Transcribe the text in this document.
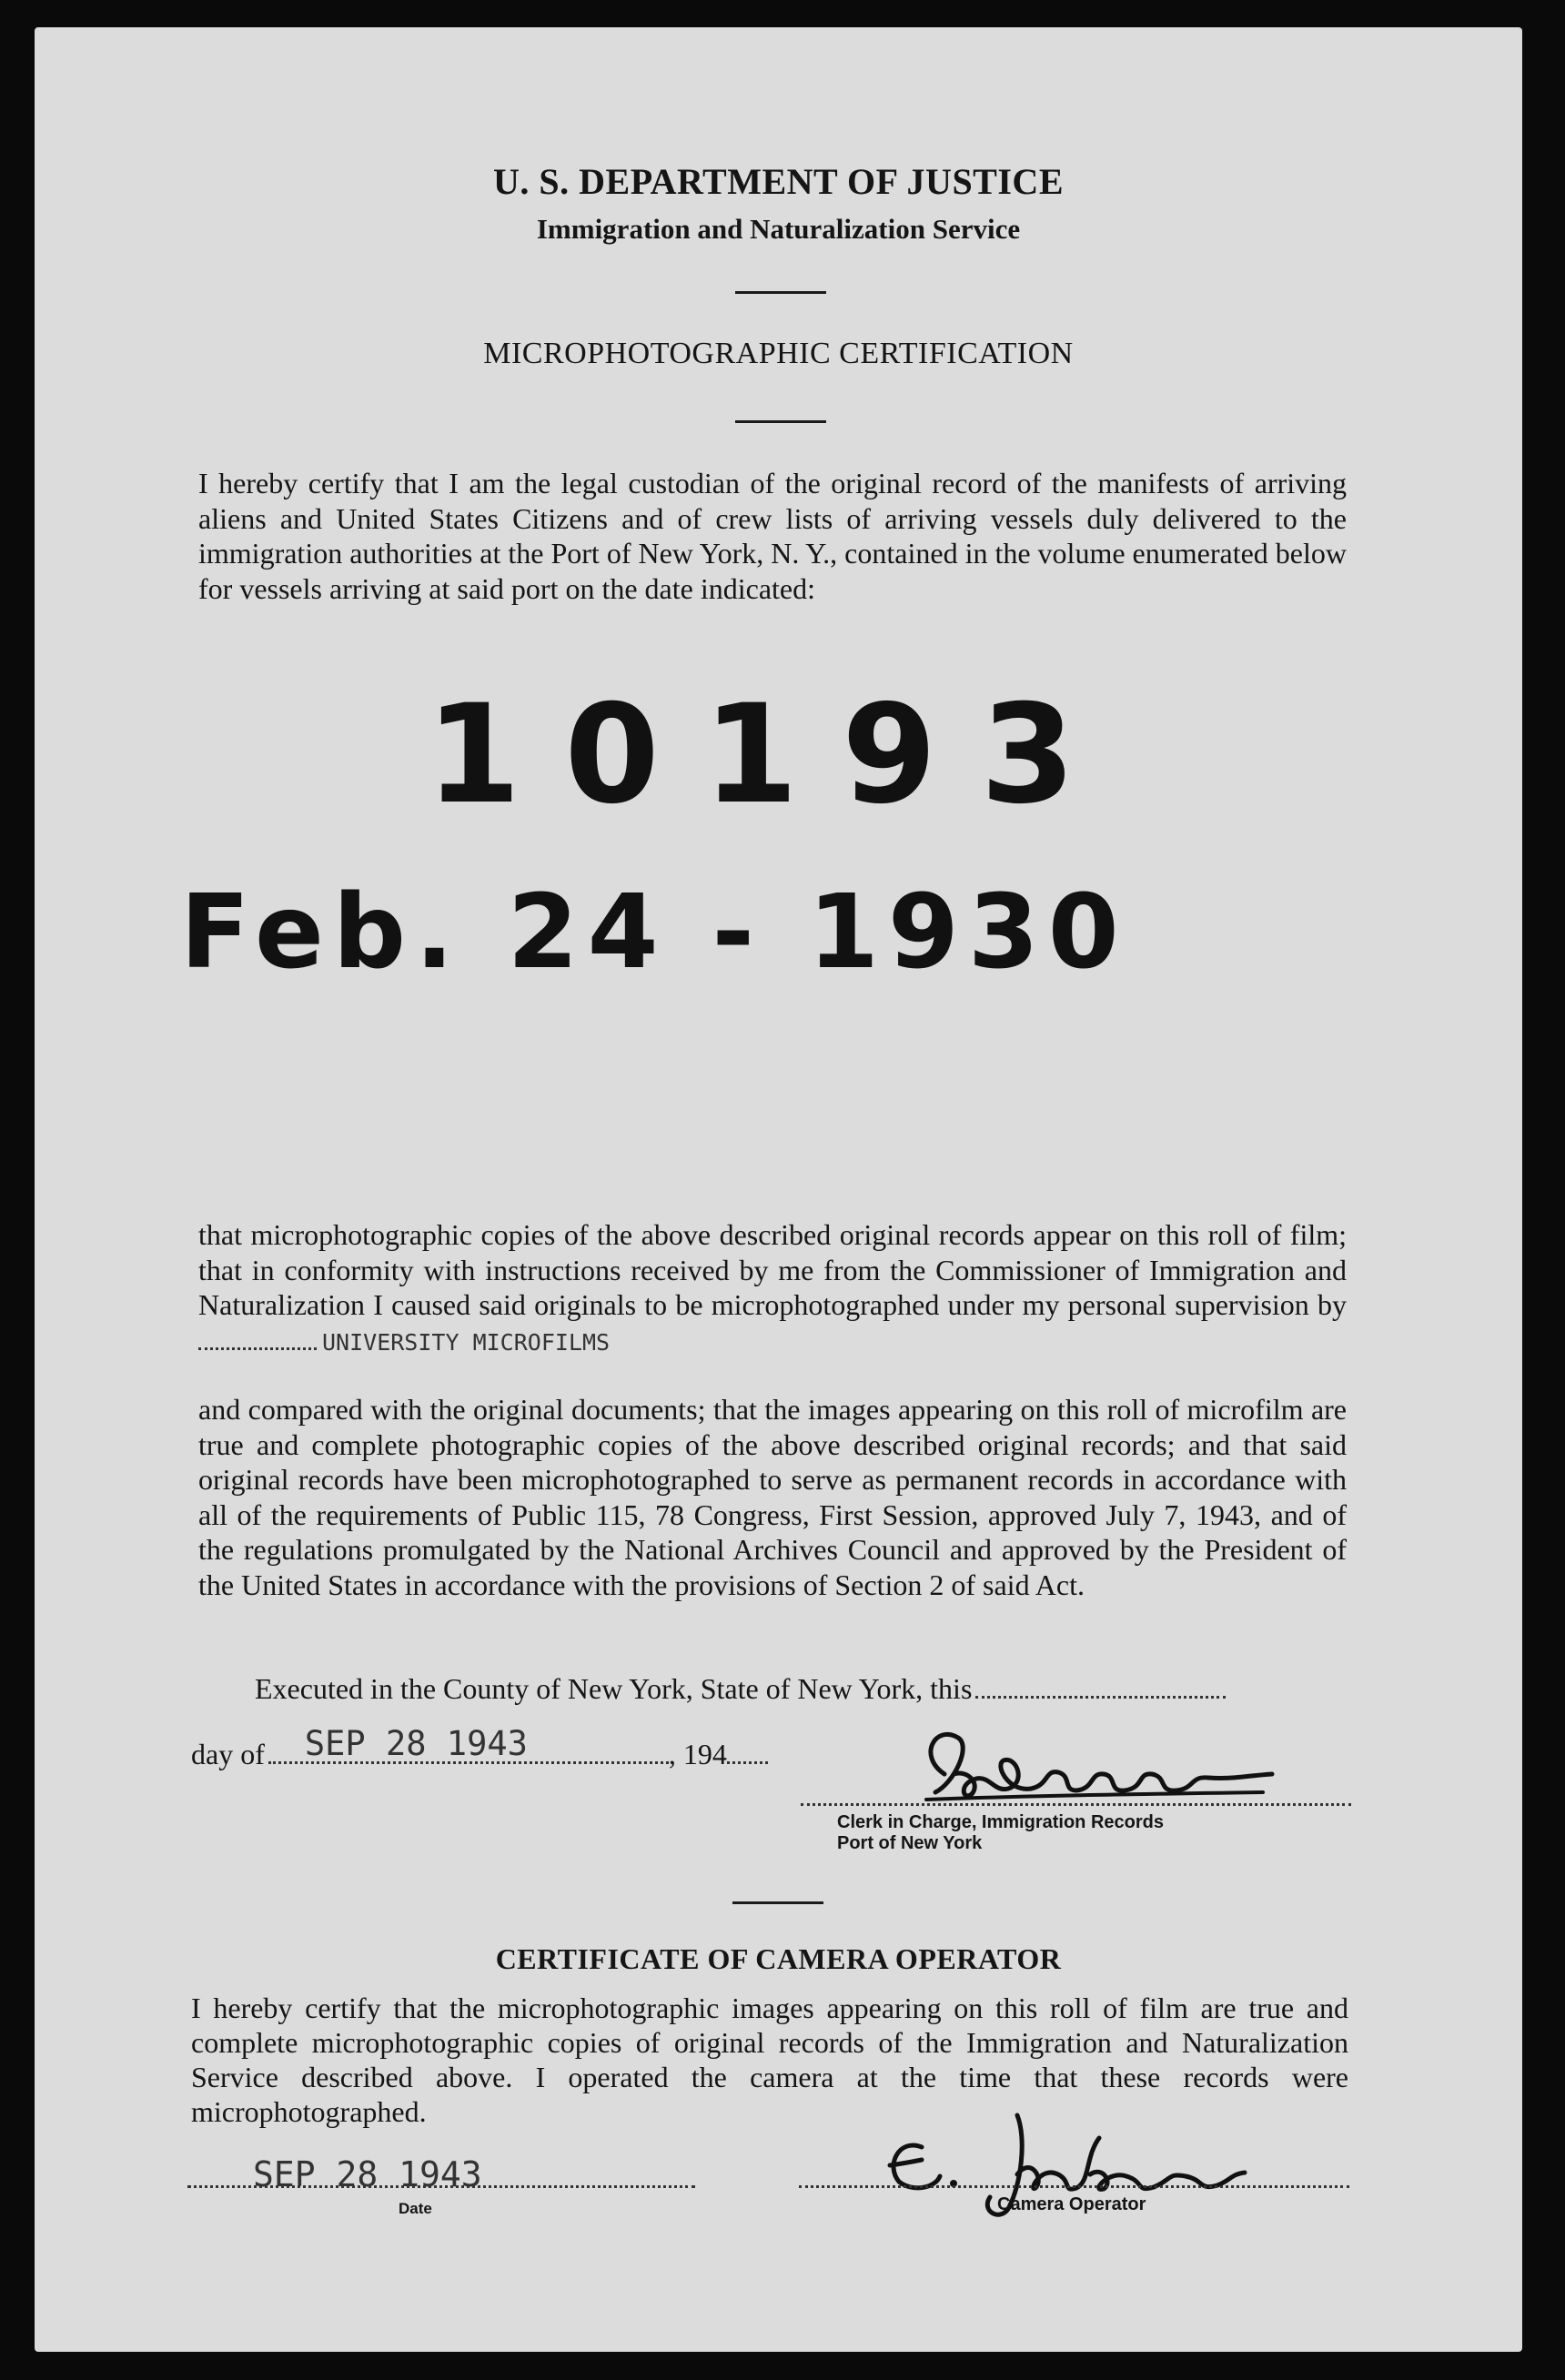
U. S. DEPARTMENT OF JUSTICE
Immigration and Naturalization Service
MICROPHOTOGRAPHIC CERTIFICATION
I hereby certify that I am the legal custodian of the original record of the manifests of arriving aliens and United States Citizens and of crew lists of arriving vessels duly delivered to the immigration authorities at the Port of New York, N. Y., contained in the volume enumerated below for vessels arriving at said port on the date indicated:
10193
Feb. 24 - 1930
that microphotographic copies of the above described original records appear on this roll of film; that in conformity with instructions received by me from the Commissioner of Immigration and Naturalization I caused said originals to be microphotographed under my personal supervision byUNIVERSITY MICROFILMS
and compared with the original documents; that the images appearing on this roll of microfilm are true and complete photographic copies of the above described original records; and that said original records have been microphotographed to serve as permanent records in accordance with all of the requirements of Public 115, 78 Congress, First Session, approved July 7, 1943, and of the regulations promulgated by the National Archives Council and approved by the President of the United States in accordance with the provisions of Section 2 of said Act.
Executed in the County of New York, State of New York, this
day of SEP 28 1943	, 194
Clerk in Charge, Immigration Records
Port of New York
CERTIFICATE OF CAMERA OPERATOR
I hereby certify that the microphotographic images appearing on this roll of film are true and complete microphotographic copies of original records of the Immigration and Naturalization Service described above. I operated the camera at the time that these records were microphotographed.
SEP 28 1943
Date	Camera Operator
